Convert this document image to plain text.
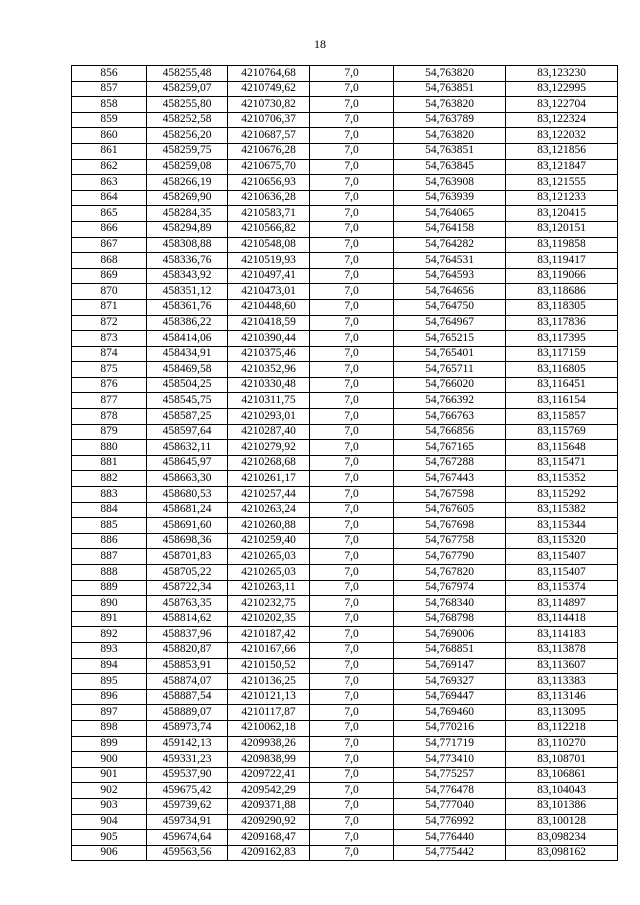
18
856	458255,48	4210764,68	7,0	54,763820	83,123230
857	458259,07	4210749,62	7,0	54,763851	83,122995
858	458255,80	4210730,82	7,0	54,763820	83,122704
859	458252,58	4210706,37	7,0	54,763789	83,122324
860	458256,20	4210687,57	7,0	54,763820	83,122032
861	458259,75	4210676,28	7,0	54,763851	83,121856
862	458259,08	4210675,70	7,0	54,763845	83,121847
863	458266,19	4210656,93	7,0	54,763908	83,121555
864	458269,90	4210636,28	7,0	54,763939	83,121233
865	458284,35	4210583,71	7,0	54,764065	83,120415
866	458294,89	4210566,82	7,0	54,764158	83,120151
867	458308,88	4210548,08	7,0	54,764282	83,119858
868	458336,76	4210519,93	7,0	54,764531	83,119417
869	458343,92	4210497,41	7,0	54,764593	83,119066
870	458351,12	4210473,01	7,0	54,764656	83,118686
871	458361,76	4210448,60	7,0	54,764750	83,118305
872	458386,22	4210418,59	7,0	54,764967	83,117836
873	458414,06	4210390,44	7,0	54,765215	83,117395
874	458434,91	4210375,46	7,0	54,765401	83,117159
875	458469,58	4210352,96	7,0	54,765711	83,116805
876	458504,25	4210330,48	7,0	54,766020	83,116451
877	458545,75	4210311,75	7,0	54,766392	83,116154
878	458587,25	4210293,01	7,0	54,766763	83,115857
879	458597,64	4210287,40	7,0	54,766856	83,115769
880	458632,11	4210279,92	7,0	54,767165	83,115648
881	458645,97	4210268,68	7,0	54,767288	83,115471
882	458663,30	4210261,17	7,0	54,767443	83,115352
883	458680,53	4210257,44	7,0	54,767598	83,115292
884	458681,24	4210263,24	7,0	54,767605	83,115382
885	458691,60	4210260,88	7,0	54,767698	83,115344
886	458698,36	4210259,40	7,0	54,767758	83,115320
887	458701,83	4210265,03	7,0	54,767790	83,115407
888	458705,22	4210265,03	7,0	54,767820	83,115407
889	458722,34	4210263,11	7,0	54,767974	83,115374
890	458763,35	4210232,75	7,0	54,768340	83,114897
891	458814,62	4210202,35	7,0	54,768798	83,114418
892	458837,96	4210187,42	7,0	54,769006	83,114183
893	458820,87	4210167,66	7,0	54,768851	83,113878
894	458853,91	4210150,52	7,0	54,769147	83,113607
895	458874,07	4210136,25	7,0	54,769327	83,113383
896	458887,54	4210121,13	7,0	54,769447	83,113146
897	458889,07	4210117,87	7,0	54,769460	83,113095
898	458973,74	4210062,18	7,0	54,770216	83,112218
899	459142,13	4209938,26	7,0	54,771719	83,110270
900	459331,23	4209838,99	7,0	54,773410	83,108701
901	459537,90	4209722,41	7,0	54,775257	83,106861
902	459675,42	4209542,29	7,0	54,776478	83,104043
903	459739,62	4209371,88	7,0	54,777040	83,101386
904	459734,91	4209290,92	7,0	54,776992	83,100128
905	459674,64	4209168,47	7,0	54,776440	83,098234
906	459563,56	4209162,83	7,0	54,775442	83,098162
